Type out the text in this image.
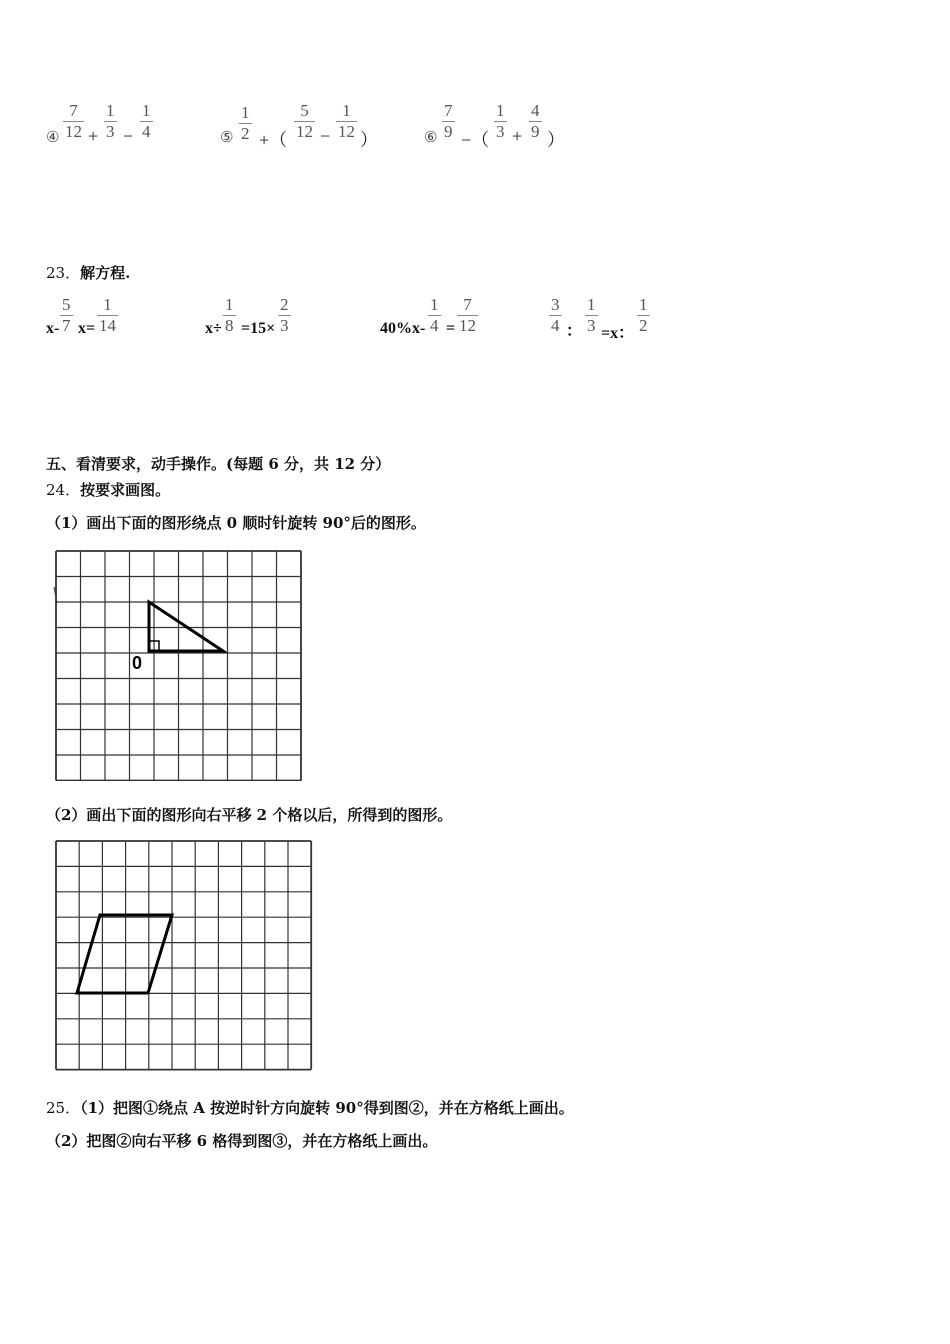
④
7
12 +
1
3 −
1
4	⑤
1
2 +（
5
12 −
1
12 ）	⑥
7
9 −（
1
3 +
4
9 ）
23．解方程.
x-
5
7 x=
1
14	x÷
1
8 =15×
2
3	40%x-
1
4 =
7
12
3
4 ：
1
3 =x：
1
2
五、看清要求，动手操作。(每题 6 分，共 12 分）
24．按要求画图。
（1）画出下面的图形绕点 0 顺时针旋转 90°后的图形。
0
（2）画出下面的图形向右平移 2 个格以后，所得到的图形。
25．（1）把图①绕点 A 按逆时针方向旋转 90°得到图②，并在方格纸上画出。
（2）把图②向右平移 6 格得到图③，并在方格纸上画出。
